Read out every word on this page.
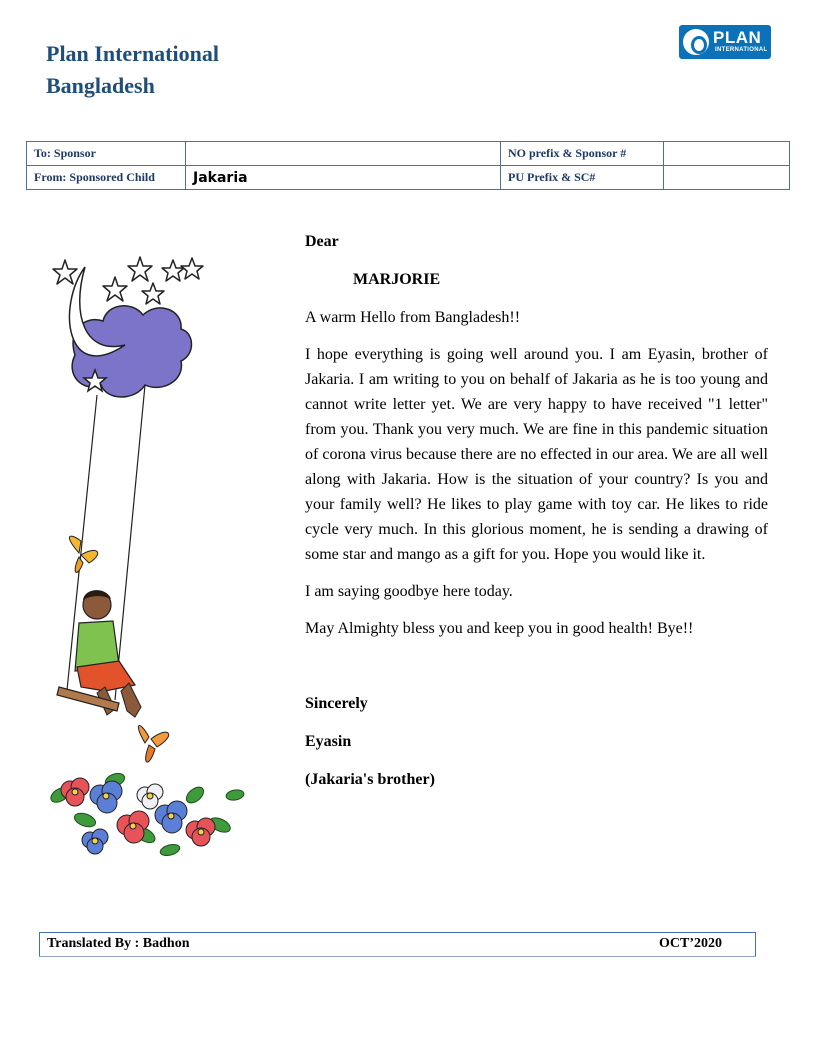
Plan International
Bangladesh
PLAN
INTERNATIONAL
To: Sponsor		NO prefix & Sponsor #	
From: Sponsored Child	Jakaria	PU Prefix & SC#	

Dear

MARJORIE

A warm Hello from Bangladesh!!

I hope everything is going well around you. I am Eyasin, brother of Jakaria. I am writing to you on behalf of Jakaria as he is too young and cannot write letter yet. We are very happy to have received "1 letter" from you. Thank you very much. We are fine in this pandemic situation of corona virus because there are no effected in our area. We are all well along with Jakaria. How is the situation of your country? Is you and your family well? He likes to play game with toy car. He likes to ride cycle very much. In this glorious moment, he is sending a drawing of some star and mango as a gift for you. Hope you would like it.

I am saying goodbye here today.

May Almighty bless you and keep you in good health! Bye!!

Sincerely

Eyasin

(Jakaria's brother)

Translated By : Badhon	OCT’2020
